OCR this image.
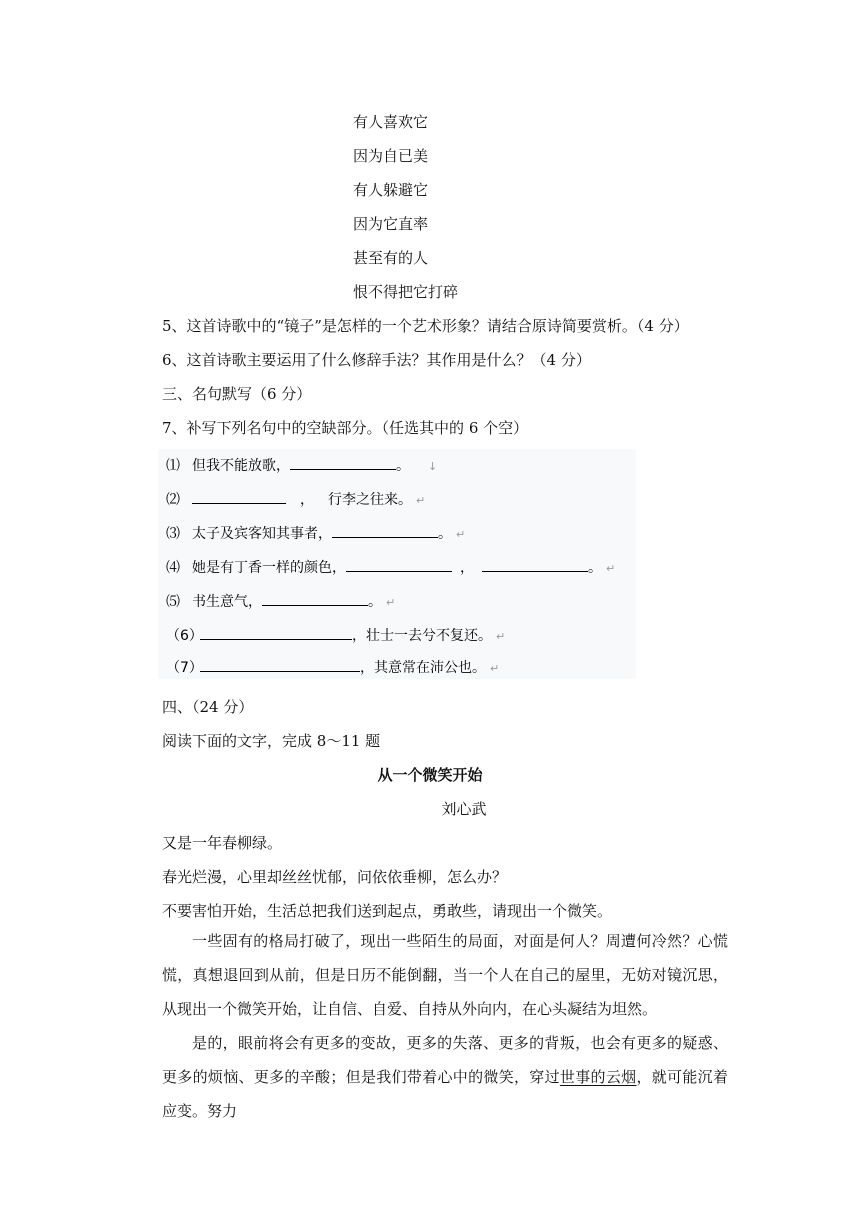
有人喜欢它
因为自已美
有人躲避它
因为它直率
甚至有的人
恨不得把它打碎
5、这首诗歌中的“镜子”是怎样的一个艺术形象？请结合原诗简要赏析。（4 分）
6、这首诗歌主要运用了什么修辞手法？其作用是什么？（4 分）
三、名句默写（6 分）
7、补写下列名句中的空缺部分。（任选其中的 6 个空）
⑴ 但我不能放歌，	。 ↓
⑵	， 行李之往来。 ↵
⑶ 太子及宾客知其事者，	。 ↵
⑷ 她是有丁香一样的颜色，	，	。 ↵
⑸ 书生意气，	。 ↵
（6）	，壮士一去兮不复还。 ↵
（7）	，其意常在沛公也。 ↵
四、（24 分）
阅读下面的文字，完成 8～11 题
从一个微笑开始
刘心武
又是一年春柳绿。
春光烂漫，心里却丝丝忧郁，问依依垂柳，怎么办？
不要害怕开始，生活总把我们送到起点，勇敢些，请现出一个微笑。
一些固有的格局打破了，现出一些陌生的局面，对面是何人？周遭何冷然？心慌慌，真想退回到从前，但是日历不能倒翻，当一个人在自己的屋里，无妨对镜沉思，从现出一个微笑开始，让自信、自爱、自持从外向内，在心头凝结为坦然。
是的，眼前将会有更多的变故，更多的失落、更多的背叛，也会有更多的疑惑、更多的烦恼、更多的辛酸；但是我们带着心中的微笑，穿过世事的云烟，就可能沉着应变。努力
